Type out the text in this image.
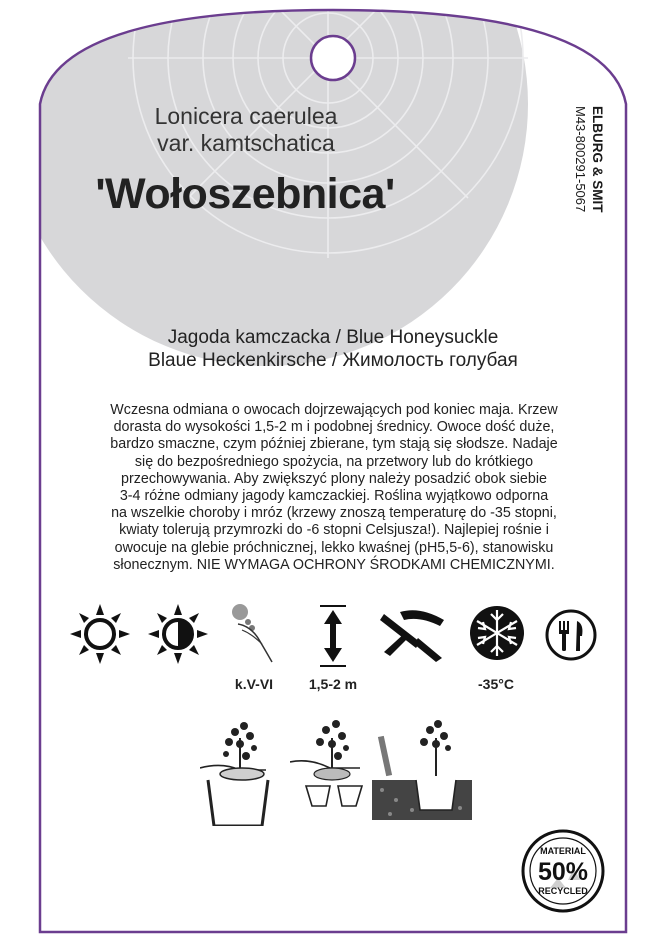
Lonicera caerulea
var. kamtschatica
'Wołoszebnica'	ELBURG & SMIT
M43-800291-5067
Jagoda kamczacka / Blue Honeysuckle
Blaue Heckenkirsche / Жимолость голубая
Wczesna odmiana o owocach dojrzewających pod koniec maja. Krzew
dorasta do wysokości 1,5-2 m i podobnej średnicy. Owoce dość duże,
bardzo smaczne, czym później zbierane, tym stają się słodsze. Nadaje
się do bezpośredniego spożycia, na przetwory lub do krótkiego
przechowywania. Aby zwiększyć plony należy posadzić obok siebie
3-4 różne odmiany jagody kamczackiej. Roślina wyjątkowo odporna
na wszelkie choroby i mróz (krzewy znoszą temperaturę do -35 stopni,
kwiaty tolerują przymrozki do -6 stopni Celsjusza!). Najlepiej rośnie i
owocuje na glebie próchnicznej, lekko kwaśnej (pH5,5-6), stanowisku
słonecznym. NIE WYMAGA OCHRONY ŚRODKAMI CHEMICZNYMI.
k.V-VI	1,5-2 m	-35°C
MATERIAL
50%
RECYCLED
